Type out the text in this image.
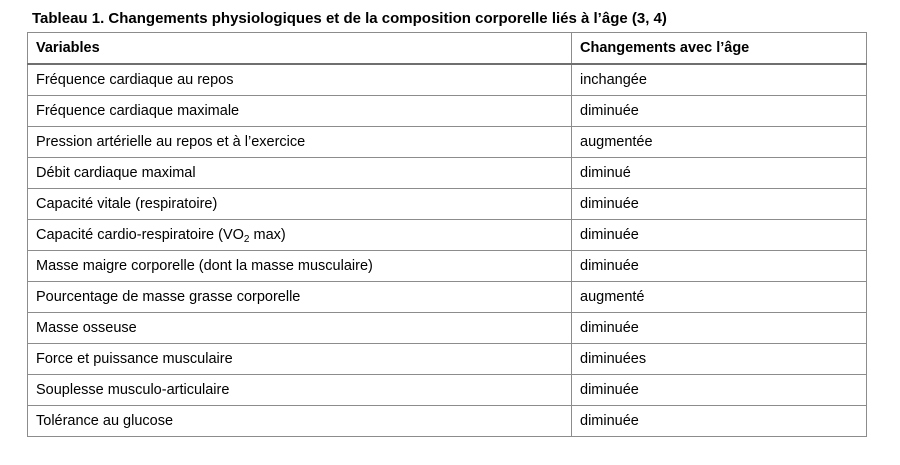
Tableau 1. Changements physiologiques et de la composition corporelle liés à l’âge (3, 4)
Variables	Changements avec l’âge
Fréquence cardiaque au repos	inchangée
Fréquence cardiaque maximale	diminuée
Pression artérielle au repos et à l’exercice	augmentée
Débit cardiaque maximal	diminué
Capacité vitale (respiratoire)	diminuée
Capacité cardio-respiratoire ($VO_2$ max)	diminuée
Masse maigre corporelle (dont la masse musculaire)	diminuée
Pourcentage de masse grasse corporelle	augmenté
Masse osseuse	diminuée
Force et puissance musculaire	diminuées
Souplesse musculo-articulaire	diminuée
Tolérance au glucose	diminuée
